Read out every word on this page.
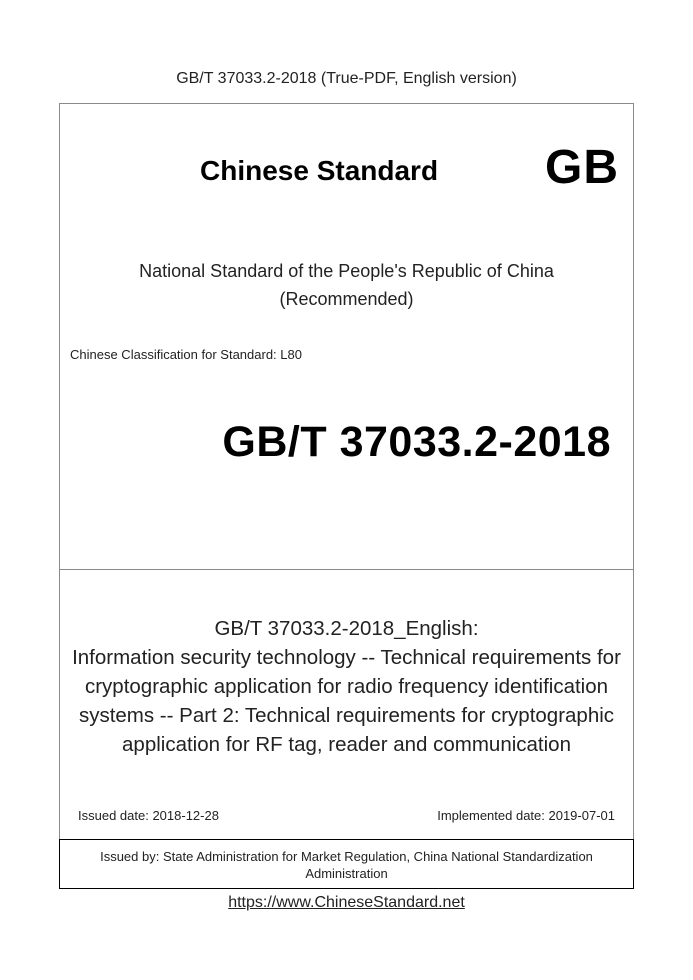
GB/T 37033.2-2018 (True-PDF, English version)
Chinese Standard GB
National Standard of the People's Republic of China
(Recommended)
Chinese Classification for Standard: L80
GB/T 37033.2-2018
GB/T 37033.2-2018_English:
Information security technology -- Technical requirements for
cryptographic application for radio frequency identification
systems -- Part 2: Technical requirements for cryptographic
application for RF tag, reader and communication
Issued date: 2018-12-28	Implemented date: 2019-07-01
Issued by: State Administration for Market Regulation, China National Standardization
Administration
https://www.ChineseStandard.net
